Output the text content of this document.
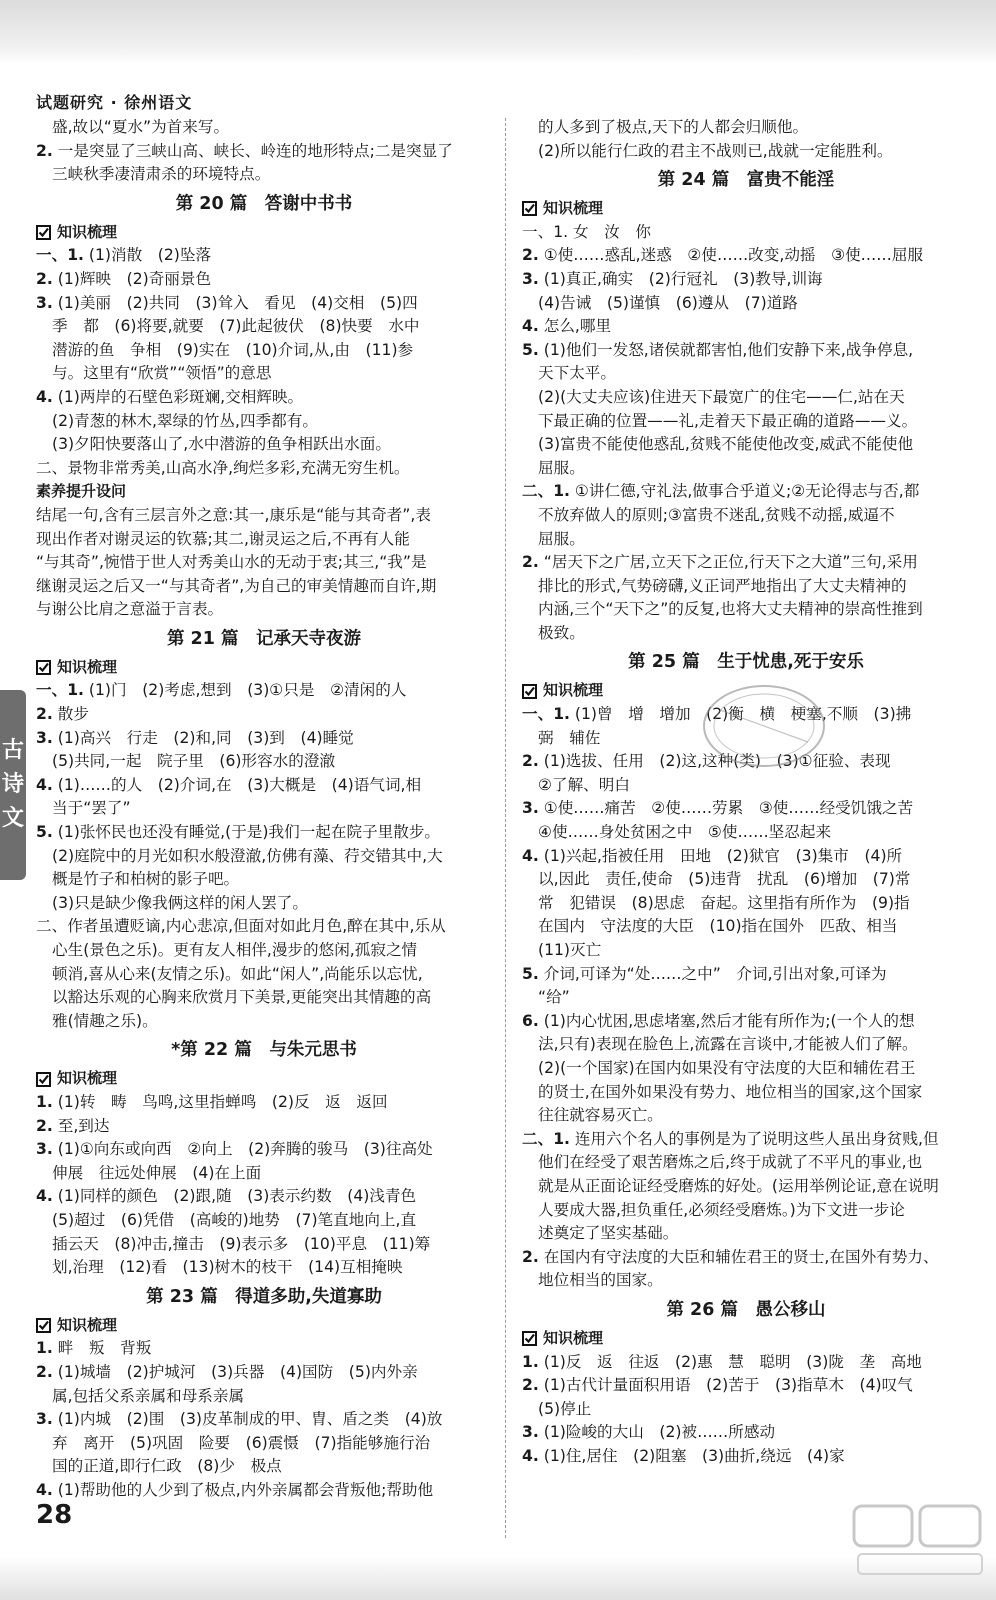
试题研究 · 徐州语文
盛,故以“夏水”为首来写。
2. 一是突显了三峡山高、峡长、岭连的地形特点;二是突显了
三峡秋季凄清肃杀的环境特点。
第 20 篇　答谢中书书
知识梳理
一、1. (1)消散　(2)坠落
2. (1)辉映　(2)奇丽景色
3. (1)美丽　(2)共同　(3)耸入　看见　(4)交相　(5)四
季　都　(6)将要,就要　(7)此起彼伏　(8)快要　水中
潜游的鱼　争相　(9)实在　(10)介词,从,由　(11)参
与。这里有“欣赏”“领悟”的意思
4. (1)两岸的石壁色彩斑斓,交相辉映。
(2)青葱的林木,翠绿的竹丛,四季都有。
(3)夕阳快要落山了,水中潜游的鱼争相跃出水面。
二、景物非常秀美,山高水净,绚烂多彩,充满无穷生机。
素养提升设问
结尾一句,含有三层言外之意:其一,康乐是“能与其奇者”,表
现出作者对谢灵运的钦慕;其二,谢灵运之后,不再有人能
“与其奇”,惋惜于世人对秀美山水的无动于衷;其三,“我”是
继谢灵运之后又一“与其奇者”,为自己的审美情趣而自许,期
与谢公比肩之意溢于言表。
第 21 篇　记承天寺夜游
知识梳理
一、1. (1)门　(2)考虑,想到　(3)①只是　②清闲的人
2. 散步
3. (1)高兴　行走　(2)和,同　(3)到　(4)睡觉
(5)共同,一起　院子里　(6)形容水的澄澈
4. (1)……的人　(2)介词,在　(3)大概是　(4)语气词,相
当于“罢了”
5. (1)张怀民也还没有睡觉,(于是)我们一起在院子里散步。
(2)庭院中的月光如积水般澄澈,仿佛有藻、荇交错其中,大
概是竹子和柏树的影子吧。
(3)只是缺少像我俩这样的闲人罢了。
二、作者虽遭贬谪,内心悲凉,但面对如此月色,醉在其中,乐从
心生(景色之乐)。更有友人相伴,漫步的悠闲,孤寂之情
顿消,喜从心来(友情之乐)。如此“闲人”,尚能乐以忘忧,
以豁达乐观的心胸来欣赏月下美景,更能突出其情趣的高
雅(情趣之乐)。
*第 22 篇　与朱元思书
知识梳理
1. (1)转　畴　鸟鸣,这里指蝉鸣　(2)反　返　返回
2. 至,到达
3. (1)①向东或向西　②向上　(2)奔腾的骏马　(3)往高处
伸展　往远处伸展　(4)在上面
4. (1)同样的颜色　(2)跟,随　(3)表示约数　(4)浅青色
(5)超过　(6)凭借　(高峻的)地势　(7)笔直地向上,直
插云天　(8)冲击,撞击　(9)表示多　(10)平息　(11)筹
划,治理　(12)看　(13)树木的枝干　(14)互相掩映
第 23 篇　得道多助,失道寡助
知识梳理
1. 畔　叛　背叛
2. (1)城墙　(2)护城河　(3)兵器　(4)国防　(5)内外亲
属,包括父系亲属和母系亲属
3. (1)内城　(2)围　(3)皮革制成的甲、胄、盾之类　(4)放
弃　离开　(5)巩固　险要　(6)震慑　(7)指能够施行治
国的正道,即行仁政　(8)少　极点
4. (1)帮助他的人少到了极点,内外亲属都会背叛他;帮助他
的人多到了极点,天下的人都会归顺他。
(2)所以能行仁政的君主不战则已,战就一定能胜利。
第 24 篇　富贵不能淫
知识梳理
一、1. 女　汝　你
2. ①使……惑乱,迷惑　②使……改变,动摇　③使……屈服
3. (1)真正,确实　(2)行冠礼　(3)教导,训诲
(4)告诫　(5)谨慎　(6)遵从　(7)道路
4. 怎么,哪里
5. (1)他们一发怒,诸侯就都害怕,他们安静下来,战争停息,
天下太平。
(2)(大丈夫应该)住进天下最宽广的住宅——仁,站在天
下最正确的位置——礼,走着天下最正确的道路——义。
(3)富贵不能使他惑乱,贫贱不能使他改变,威武不能使他
屈服。
二、1. ①讲仁德,守礼法,做事合乎道义;②无论得志与否,都
不放弃做人的原则;③富贵不迷乱,贫贱不动摇,威逼不
屈服。
2. “居天下之广居,立天下之正位,行天下之大道”三句,采用
排比的形式,气势磅礴,义正词严地指出了大丈夫精神的
内涵,三个“天下之”的反复,也将大丈夫精神的崇高性推到
极致。
第 25 篇　生于忧患,死于安乐
知识梳理
一、1. (1)曾　增　增加　(2)衡　横　梗塞,不顺　(3)拂
弼　辅佐
2. (1)选拔、任用　(2)这,这种(类)　(3)①征验、表现
②了解、明白
3. ①使……痛苦　②使……劳累　③使……经受饥饿之苦
④使……身处贫困之中　⑤使……坚忍起来
4. (1)兴起,指被任用　田地　(2)狱官　(3)集市　(4)所
以,因此　责任,使命　(5)违背　扰乱　(6)增加　(7)常
常　犯错误　(8)思虑　奋起。这里指有所作为　(9)指
在国内　守法度的大臣　(10)指在国外　匹敌、相当
(11)灭亡
5. 介词,可译为“处……之中”　介词,引出对象,可译为
“给”
6. (1)内心忧困,思虑堵塞,然后才能有所作为;(一个人的想
法,只有)表现在脸色上,流露在言谈中,才能被人们了解。
(2)(一个国家)在国内如果没有守法度的大臣和辅佐君王
的贤士,在国外如果没有势力、地位相当的国家,这个国家
往往就容易灭亡。
二、1. 连用六个名人的事例是为了说明这些人虽出身贫贱,但
他们在经受了艰苦磨炼之后,终于成就了不平凡的事业,也
就是从正面论证经受磨炼的好处。(运用举例论证,意在说明
人要成大器,担负重任,必须经受磨炼。)为下文进一步论
述奠定了坚实基础。
2. 在国内有守法度的大臣和辅佐君王的贤士,在国外有势力、
地位相当的国家。
第 26 篇　愚公移山
知识梳理
1. (1)反　返　往返　(2)惠　慧　聪明　(3)陇　垄　高地
2. (1)古代计量面积用语　(2)苦于　(3)指草木　(4)叹气
(5)停止
3. (1)险峻的大山　(2)被……所感动
4. (1)住,居住　(2)阻塞　(3)曲折,绕远　(4)家
古
诗
文
28
